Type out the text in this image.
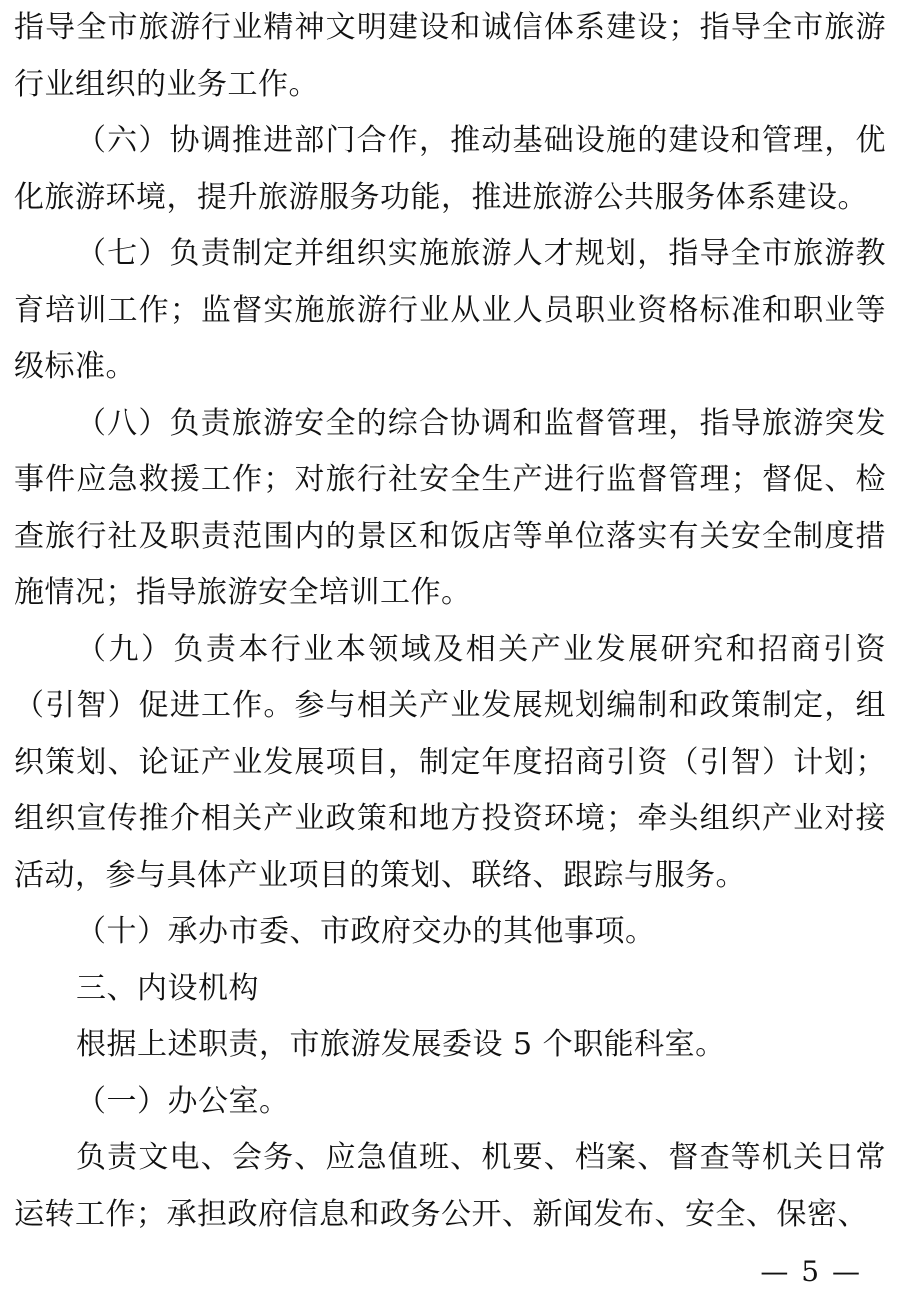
指导全市旅游行业精神文明建设和诚信体系建设；指导全市旅游行业组织的业务工作。

（六）协调推进部门合作，推动基础设施的建设和管理，优化旅游环境，提升旅游服务功能，推进旅游公共服务体系建设。

（七）负责制定并组织实施旅游人才规划，指导全市旅游教育培训工作；监督实施旅游行业从业人员职业资格标准和职业等级标准。

（八）负责旅游安全的综合协调和监督管理，指导旅游突发事件应急救援工作；对旅行社安全生产进行监督管理；督促、检查旅行社及职责范围内的景区和饭店等单位落实有关安全制度措施情况；指导旅游安全培训工作。

（九）负责本行业本领域及相关产业发展研究和招商引资（引智）促进工作。参与相关产业发展规划编制和政策制定，组织策划、论证产业发展项目，制定年度招商引资（引智）计划；组织宣传推介相关产业政策和地方投资环境；牵头组织产业对接活动，参与具体产业项目的策划、联络、跟踪与服务。

（十）承办市委、市政府交办的其他事项。

三、内设机构

根据上述职责，市旅游发展委设 5 个职能科室。

（一）办公室。

负责文电、会务、应急值班、机要、档案、督查等机关日常运转工作；承担政府信息和政务公开、新闻发布、安全、保密、

— 5 —
